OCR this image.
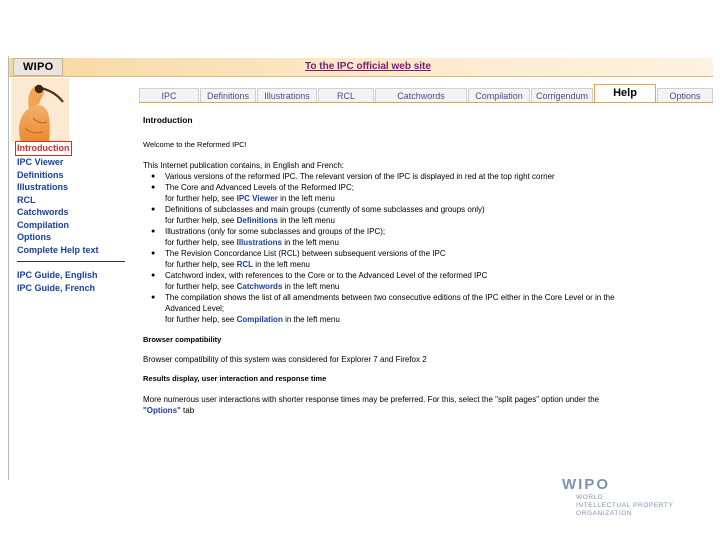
WIPO	To the IPC official web site
Introduction
IPC Viewer
Definitions
Illustrations
RCL
Catchwords
Compilation
Options
Complete Help text
IPC Guide, English
IPC Guide, French
IPC	Definitions	Illustrations	RCL	Catchwords	Compilation	Corrigendum	Help	Options
Introduction
Welcome to the Reformed IPC!
This Internet publication contains, in English and French:
● Various versions of the reformed IPC. The relevant version of the IPC is displayed in red at the top right corner
● The Core and Advanced Levels of the Reformed IPC;
for further help, see IPC Viewer in the left menu
● Definitions of subclasses and main groups (currently of some subclasses and groups only)
for further help, see Definitions in the left menu
● Illustrations (only for some subclasses and groups of the IPC);
for further help, see Illustrations in the left menu
● The Revision Concordance List (RCL) between subsequent versions of the IPC
for further help, see RCL in the left menu
● Catchword index, with references to the Core or to the Advanced Level of the reformed IPC
for further help, see Catchwords in the left menu
● The compilation shows the list of all amendments between two consecutive editions of the IPC either in the Core Level or in the
Advanced Level;
for further help, see Compilation in the left menu
Browser compatibility
Browser compatibility of this system was considered for Explorer 7 and Firefox 2
Results display, user interaction and response time
More numerous user interactions with shorter response times may be preferred. For this, select the "split pages" option under the
"Options" tab
WIPO
WORLD
INTELLECTUAL PROPERTY
ORGANIZATION
